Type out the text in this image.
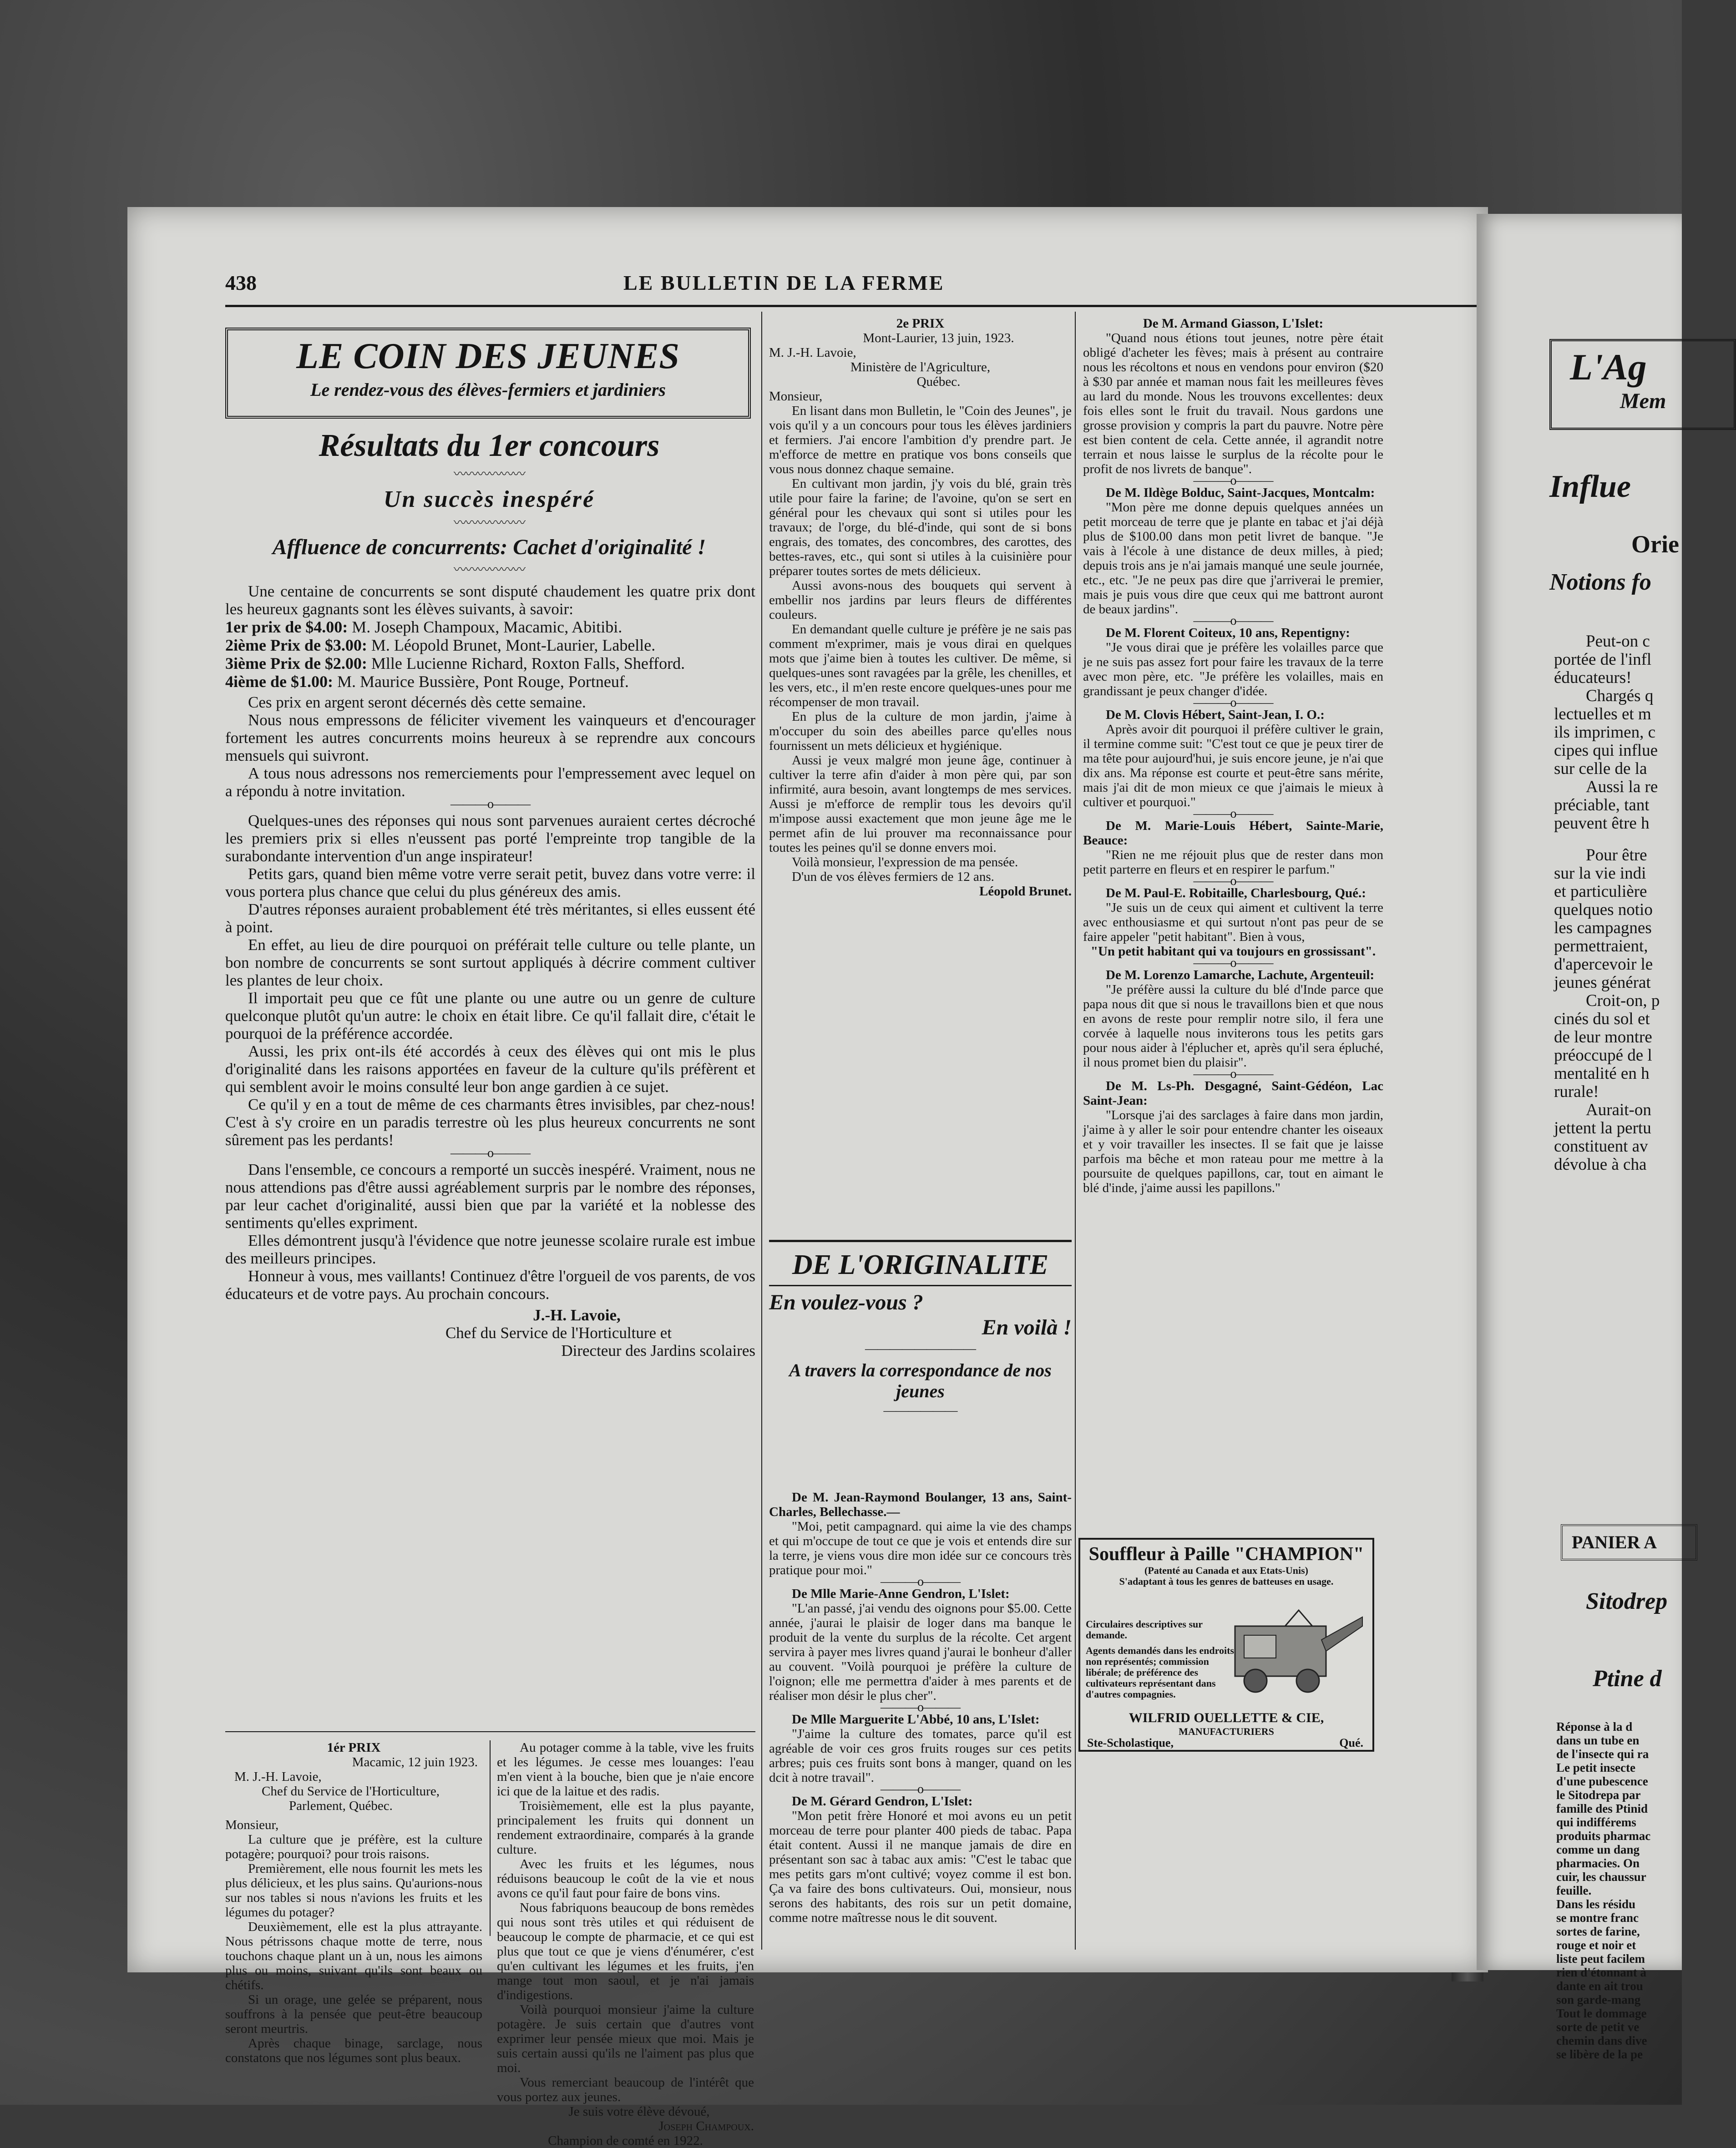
438	LE BULLETIN DE LA FERME
LE COIN DES JEUNES
Le rendez-vous des élèves-fermiers et jardiniers
Résultats du 1er concours
〰〰〰〰〰〰
Un succès inespéré
〰〰〰〰〰〰
Affluence de concurrents: Cachet d'originalité !
〰〰〰〰〰〰

Une centaine de concurrents se sont disputé chaudement les quatre prix dont les heureux gagnants sont les élèves suivants, à savoir:

1er prix de $4.00: M. Joseph Champoux, Macamic, Abitibi.
2ième Prix de $3.00: M. Léopold Brunet, Mont-Laurier, Labelle.
3ième Prix de $2.00: Mlle Lucienne Richard, Roxton Falls, Shefford.
4ième de $1.00: M. Maurice Bussière, Pont Rouge, Portneuf.

Ces prix en argent seront décernés dès cette semaine.

Nous nous empressons de féliciter vivement les vainqueurs et d'encourager fortement les autres concurrents moins heureux à se reprendre aux concours mensuels qui suivront.

A tous nous adressons nos remerciements pour l'empressement avec lequel on a répondu à notre invitation.

———o———

Quelques-unes des réponses qui nous sont parvenues auraient certes décroché les premiers prix si elles n'eussent pas porté l'empreinte trop tangible de la surabondante intervention d'un ange inspirateur!

Petits gars, quand bien même votre verre serait petit, buvez dans votre verre: il vous portera plus chance que celui du plus généreux des amis.

D'autres réponses auraient probablement été très méritantes, si elles eussent été à point.

En effet, au lieu de dire pourquoi on préférait telle culture ou telle plante, un bon nombre de concurrents se sont surtout appliqués à décrire comment cultiver les plantes de leur choix.

Il importait peu que ce fût une plante ou une autre ou un genre de culture quelconque plutôt qu'un autre: le choix en était libre. Ce qu'il fallait dire, c'était le pourquoi de la préférence accordée.

Aussi, les prix ont-ils été accordés à ceux des élèves qui ont mis le plus d'originalité dans les raisons apportées en faveur de la culture qu'ils préfèrent et qui semblent avoir le moins consulté leur bon ange gardien à ce sujet.

Ce qu'il y en a tout de même de ces charmants êtres invisibles, par chez-nous! C'est à s'y croire en un paradis terrestre où les plus heureux concurrents ne sont sûrement pas les perdants!

———o———

Dans l'ensemble, ce concours a remporté un succès inespéré. Vraiment, nous ne nous attendions pas d'être aussi agréablement surpris par le nombre des réponses, par leur cachet d'originalité, aussi bien que par la variété et la noblesse des sentiments qu'elles expriment.

Elles démontrent jusqu'à l'évidence que notre jeunesse scolaire rurale est imbue des meilleurs principes.

Honneur à vous, mes vaillants! Continuez d'être l'orgueil de vos parents, de vos éducateurs et de votre pays. Au prochain concours.

J.-H. Lavoie,
Chef du Service de l'Horticulture et
Directeur des Jardins scolaires
1ér PRIX
Macamic, 12 juin 1923.
M. J.-H. Lavoie,
Chef du Service de l'Horticulture,
Parlement, Québec.
Monsieur,

La culture que je préfère, est la culture potagère; pourquoi? pour trois raisons.

Premièrement, elle nous fournit les mets les plus délicieux, et les plus sains. Qu'aurions-nous sur nos tables si nous n'avions les fruits et les légumes du potager?

Deuxièmement, elle est la plus attrayante. Nous pétrissons chaque motte de terre, nous touchons chaque plant un à un, nous les aimons plus ou moins, suivant qu'ils sont beaux ou chétifs.

Si un orage, une gelée se préparent, nous souffrons à la pensée que peut-être beaucoup seront meurtris.

Après chaque binage, sarclage, nous constatons que nos légumes sont plus beaux.

Au potager comme à la table, vive les fruits et les légumes. Je cesse mes louanges: l'eau m'en vient à la bouche, bien que je n'aie encore ici que de la laitue et des radis.

Troisièmement, elle est la plus payante, principalement les fruits qui donnent un rendement extraordinaire, comparés à la grande culture.

Avec les fruits et les légumes, nous réduisons beaucoup le coût de la vie et nous avons ce qu'il faut pour faire de bons vins.

Nous fabriquons beaucoup de bons remèdes qui nous sont très utiles et qui réduisent de beaucoup le compte de pharmacie, et ce qui est plus que tout ce que je viens d'énumérer, c'est qu'en cultivant les légumes et les fruits, j'en mange tout mon saoul, et je n'ai jamais d'indigestions.

Voilà pourquoi monsieur j'aime la culture potagère. Je suis certain que d'autres vont exprimer leur pensée mieux que moi. Mais je suis certain aussi qu'ils ne l'aiment pas plus que moi.

Vous remerciant beaucoup de l'intérêt que vous portez aux jeunes.

Je suis votre élève dévoué,
Joseph Champoux.
Champion de comté en 1922.
2e PRIX
Mont-Laurier, 13 juin, 1923.
M. J.-H. Lavoie,
Ministère de l'Agriculture,
Québec.
Monsieur,

En lisant dans mon Bulletin, le "Coin des Jeunes", je vois qu'il y a un concours pour tous les élèves jardiniers et fermiers. J'ai encore l'ambition d'y prendre part. Je m'efforce de mettre en pratique vos bons conseils que vous nous donnez chaque semaine.

En cultivant mon jardin, j'y vois du blé, grain très utile pour faire la farine; de l'avoine, qu'on se sert en général pour les chevaux qui sont si utiles pour les travaux; de l'orge, du blé-d'inde, qui sont de si bons engrais, des tomates, des concombres, des carottes, des bettes-raves, etc., qui sont si utiles à la cuisinière pour préparer toutes sortes de mets délicieux.

Aussi avons-nous des bouquets qui servent à embellir nos jardins par leurs fleurs de différentes couleurs.

En demandant quelle culture je préfère je ne sais pas comment m'exprimer, mais je vous dirai en quelques mots que j'aime bien à toutes les cultiver. De même, si quelques-unes sont ravagées par la grêle, les chenilles, et les vers, etc., il m'en reste encore quelques-unes pour me récompenser de mon travail.

En plus de la culture de mon jardin, j'aime à m'occuper du soin des abeilles parce qu'elles nous fournissent un mets délicieux et hygiénique.

Aussi je veux malgré mon jeune âge, continuer à cultiver la terre afin d'aider à mon père qui, par son infirmité, aura besoin, avant longtemps de mes services. Aussi je m'efforce de remplir tous les devoirs qu'il m'impose aussi exactement que mon jeune âge me le permet afin de lui prouver ma reconnaissance pour toutes les peines qu'il se donne envers moi.

Voilà monsieur, l'expression de ma pensée.

D'un de vos élèves fermiers de 12 ans.

Léopold Brunet.
DE L'ORIGINALITE
En voulez-vous ?
En voilà !
—————————
A travers la correspondance de nos jeunes
——————

De M. Jean-Raymond Boulanger, 13 ans, Saint-Charles, Bellechasse.—

"Moi, petit campagnard. qui aime la vie des champs et qui m'occupe de tout ce que je vois et entends dire sur la terre, je viens vous dire mon idée sur ce concours très pratique pour moi."

———o———

De Mlle Marie-Anne Gendron, L'Islet:

"L'an passé, j'ai vendu des oignons pour $5.00. Cette année, j'aurai le plaisir de loger dans ma banque le produit de la vente du surplus de la récolte. Cet argent servira à payer mes livres quand j'aurai le bonheur d'aller au couvent. "Voilà pourquoi je préfère la culture de l'oignon; elle me permettra d'aider à mes parents et de réaliser mon désir le plus cher".

———o———

De Mlle Marguerite L'Abbé, 10 ans, L'Islet:

"J'aime la culture des tomates, parce qu'il est agréable de voir ces gros fruits rouges sur ces petits arbres; puis ces fruits sont bons à manger, quand on les dcit à notre travail".

———o———

De M. Gérard Gendron, L'Islet:

"Mon petit frère Honoré et moi avons eu un petit morceau de terre pour planter 400 pieds de tabac. Papa était content. Aussi il ne manque jamais de dire en présentant son sac à tabac aux amis: "C'est le tabac que mes petits gars m'ont cultivé; voyez comme il est bon. Ça va faire des bons cultivateurs. Oui, monsieur, nous serons des habitants, des rois sur un petit domaine, comme notre maîtresse nous le dit souvent.

De M. Armand Giasson, L'Islet:

"Quand nous étions tout jeunes, notre père était obligé d'acheter les fèves; mais à présent au contraire nous les récoltons et nous en vendons pour environ ($20 à $30 par année et maman nous fait les meilleures fèves au lard du monde. Nous les trouvons excellentes: deux fois elles sont le fruit du travail. Nous gardons une grosse provision y compris la part du pauvre. Notre père est bien content de cela. Cette année, il agrandit notre terrain et nous laisse le surplus de la récolte pour le profit de nos livrets de banque".

———o———

De M. Ildège Bolduc, Saint-Jacques, Montcalm:

"Mon père me donne depuis quelques années un petit morceau de terre que je plante en tabac et j'ai déjà plus de $100.00 dans mon petit livret de banque. "Je vais à l'école à une distance de deux milles, à pied; depuis trois ans je n'ai jamais manqué une seule journée, etc., etc. "Je ne peux pas dire que j'arriverai le premier, mais je puis vous dire que ceux qui me battront auront de beaux jardins".

———o———

De M. Florent Coiteux, 10 ans, Repentigny:

"Je vous dirai que je préfère les volailles parce que je ne suis pas assez fort pour faire les travaux de la terre avec mon père, etc. "Je préfère les volailles, mais en grandissant je peux changer d'idée.

———o———

De M. Clovis Hébert, Saint-Jean, I. O.:

Après avoir dit pourquoi il préfère cultiver le grain, il termine comme suit: "C'est tout ce que je peux tirer de ma tête pour aujourd'hui, je suis encore jeune, je n'ai que dix ans. Ma réponse est courte et peut-être sans mérite, mais j'ai dit de mon mieux ce que j'aimais le mieux à cultiver et pourquoi."

———o———

De M. Marie-Louis Hébert, Sainte-Marie, Beauce:

"Rien ne me réjouit plus que de rester dans mon petit parterre en fleurs et en respirer le parfum."

———o———

De M. Paul-E. Robitaille, Charlesbourg, Qué.:

"Je suis un de ceux qui aiment et cultivent la terre avec enthousiasme et qui surtout n'ont pas peur de se faire appeler "petit habitant". Bien à vous,

"Un petit habitant qui va toujours en grossissant".

———o———

De M. Lorenzo Lamarche, Lachute, Argenteuil:

"Je préfère aussi la culture du blé d'Inde parce que papa nous dit que si nous le travaillons bien et que nous en avons de reste pour remplir notre silo, il fera une corvée à laquelle nous inviterons tous les petits gars pour nous aider à l'éplucher et, après qu'il sera épluché, il nous promet bien du plaisir".

———o———

De M. Ls-Ph. Desgagné, Saint-Gédéon, Lac Saint-Jean:

"Lorsque j'ai des sarclages à faire dans mon jardin, j'aime à y aller le soir pour entendre chanter les oiseaux et y voir travailler les insectes. Il se fait que je laisse parfois ma bêche et mon rateau pour me mettre à la poursuite de quelques papillons, car, tout en aimant le blé d'inde, j'aime aussi les papillons."

Souffleur à Paille "CHAMPION"
(Patenté au Canada et aux Etats-Unis)
S'adaptant à tous les genres de batteuses en usage.
Circulaires descriptives sur demande.
Agents demandés dans les endroits non représentés; commission libérale; de préférence des cultivateurs représentant dans d'autres compagnies.
WILFRID OUELLETTE & CIE,
MANUFACTURIERS
Ste-Scholastique,	Qué.
L'Ag
Mem
Influe
Orie
Notions fo
Peut-on c
portée de l'infl
éducateurs!
Chargés q
lectuelles et m
ils imprimen, c
cipes qui influe
sur celle de la
Aussi la re
préciable, tant
peuvent être h
Pour être
sur la vie indi
et particulière
quelques notio
les campagnes
permettraient,
d'apercevoir le
jeunes générat
Croit-on, p
cinés du sol et
de leur montre
préoccupé de l
mentalité en h
rurale!
Aurait-on
jettent la pertu
constituent av
dévolue à cha
PANIER A
Sitodrep
Ptine d
Réponse à la d
dans un tube en
de l'insecte qui ra
Le petit insecte
d'une pubescence
le Sitodrepa par
famille des Ptinid
qui indifférems
produits pharmac
comme un dang
pharmacies. On
cuir, les chaussur
feuille.
Dans les résidu
se montre franc
sortes de farine,
rouge et noir et
liste peut facilem
rien d'étonnant à
dante en ait trou
son garde-mang
Tout le dommage
sorte de petit ve
chemin dans dive
se libère de la pe
